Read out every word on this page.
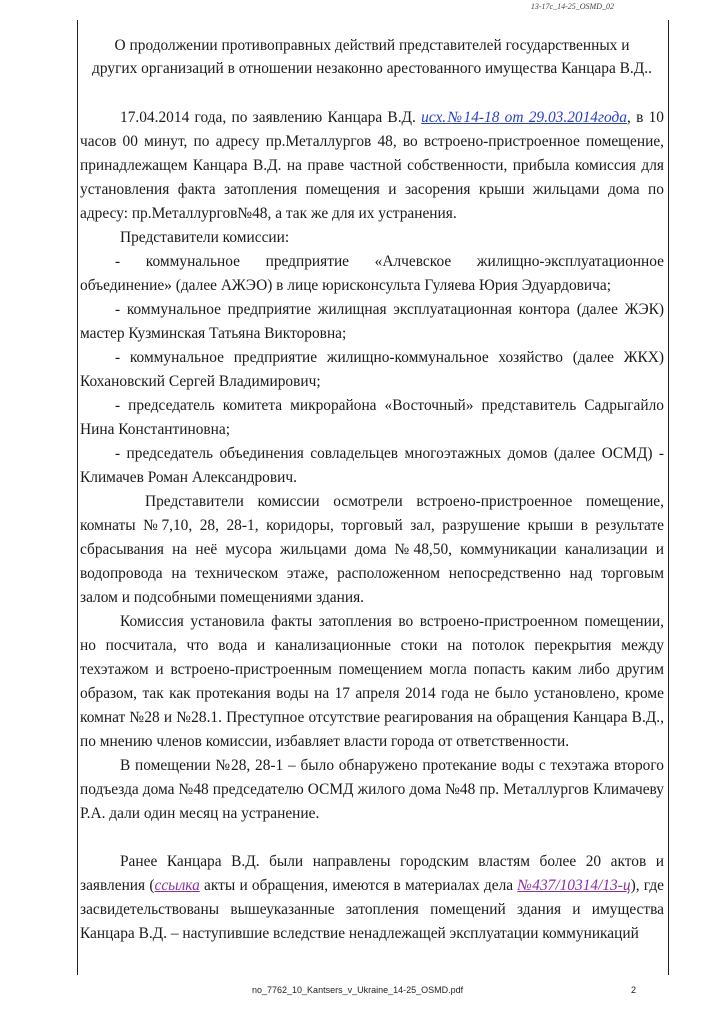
13-17c_14-25_OSMD_02
О продолжении противоправных действий представителей государственных и
других организаций в отношении незаконно арестованного имущества Канцара В.Д..

17.04.2014 года, по заявлению Канцара В.Д. исх.№14-18 от 29.03.2014года, в 10 часов 00 минут, по адресу пр.Металлургов 48, во встроено-пристроенное помещение, принадлежащем Канцара В.Д. на праве частной собственности, прибыла комиссия для установления факта затопления помещения и засорения крыши жильцами дома по адресу: пр.Металлургов№48, а так же для их устранения.

Представители комиссии:

- коммунальное предприятие «Алчевское жилищно-эксплуатационное объединение» (далее АЖЭО) в лице юрисконсульта Гуляева Юрия Эдуардовича;

- коммунальное предприятие жилищная эксплуатационная контора (далее ЖЭК) мастер Кузминская Татьяна Викторовна;

- коммунальное предприятие жилищно-коммунальное хозяйство (далее ЖКХ) Кохановский Сергей Владимирович;

- председатель комитета микрорайона «Восточный» представитель Садрыгайло Нина Константиновна;

- председатель объединения совладельцев многоэтажных домов (далее ОСМД) - Климачев Роман Александрович.

Представители комиссии осмотрели встроено-пристроенное помещение, комнаты №7,10, 28, 28-1, коридоры, торговый зал, разрушение крыши в результате сбрасывания на неё мусора жильцами дома №48,50, коммуникации канализации и водопровода на техническом этаже, расположенном непосредственно над торговым залом и подсобными помещениями здания.

Комиссия установила факты затопления во встроено-пристроенном помещении, но посчитала, что вода и канализационные стоки на потолок перекрытия между техэтажом и встроено-пристроенным помещением могла попасть каким либо другим образом, так как протекания воды на 17 апреля 2014 года не было установлено, кроме комнат №28 и №28.1. Преступное отсутствие реагирования на обращения Канцара В.Д., по мнению членов комиссии, избавляет власти города от ответственности.

В помещении №28, 28-1 – было обнаружено протекание воды с техэтажа второго подъезда дома №48 председателю ОСМД жилого дома №48 пр. Металлургов Климачеву Р.А. дали один месяц на устранение.

Ранее Канцара В.Д. были направлены городским властям более 20 актов и заявления (ссылка акты и обращения, имеются в материалах дела №437/10314/13-ц), где засвидетельствованы вышеуказанные затопления помещений здания и имущества Канцара В.Д. – наступившие вследствие ненадлежащей эксплуатации коммуникаций

no_7762_10_Kantsers_v_Ukraine_14-25_OSMD.pdf	2
